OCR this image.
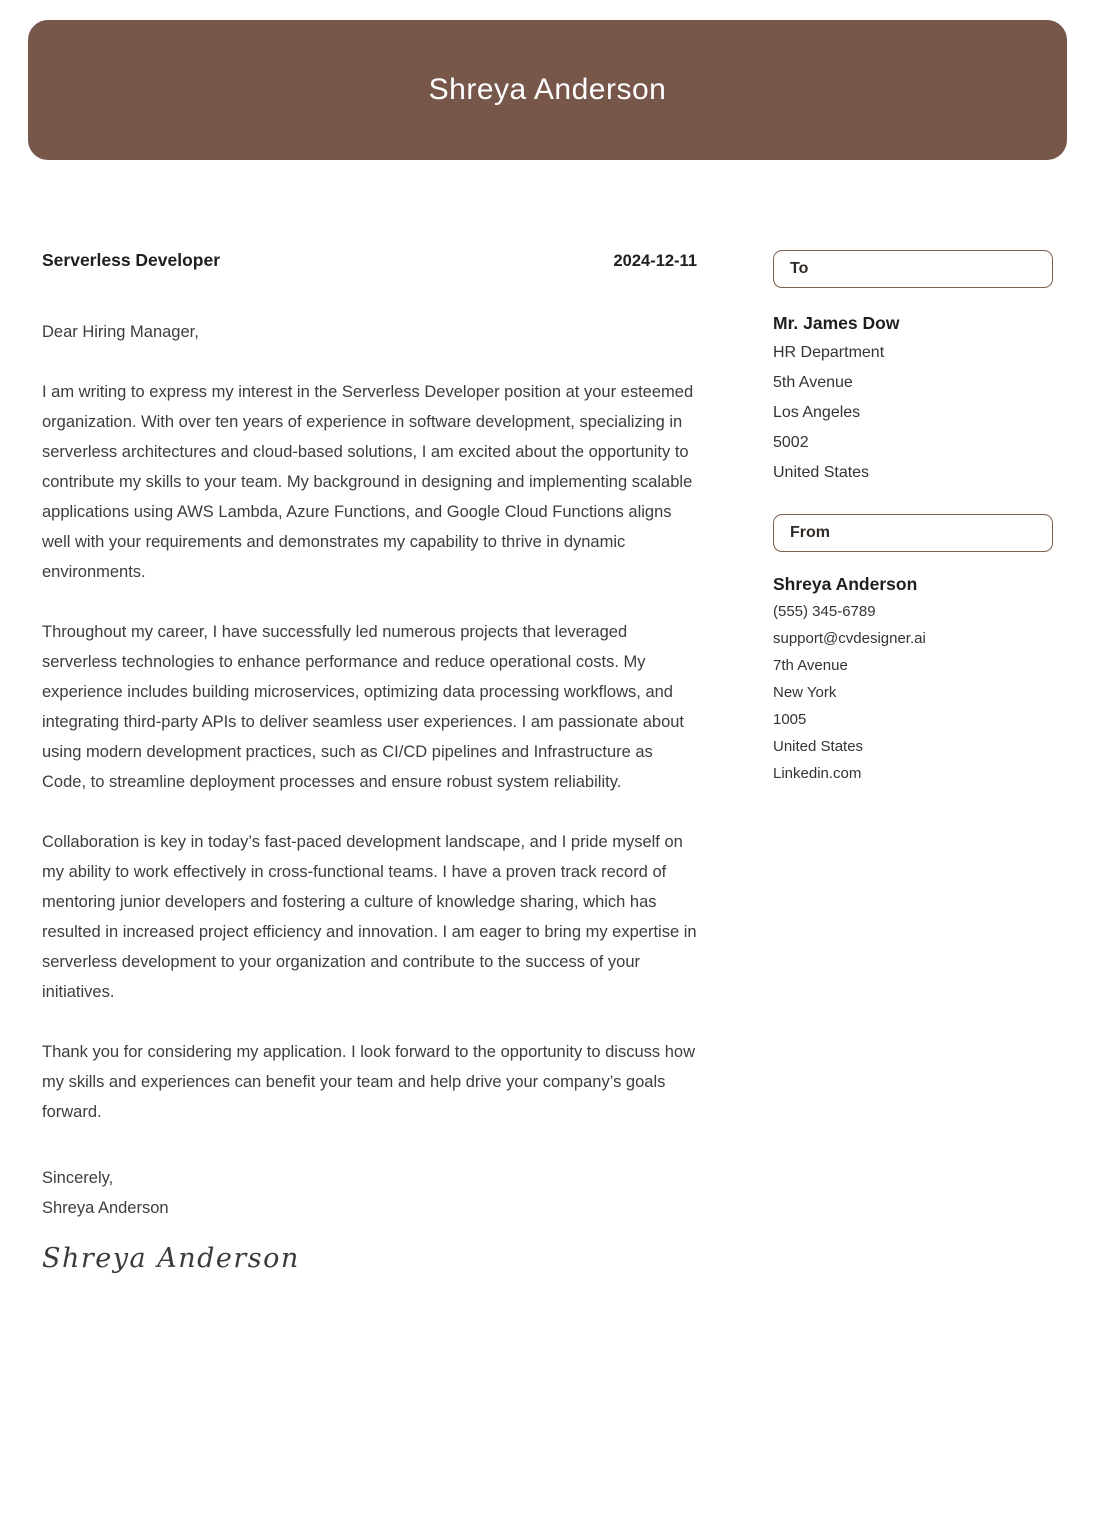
Shreya Anderson
Serverless Developer	2024-12-11
Dear Hiring Manager,

I am writing to express my interest in the Serverless Developer position at your esteemed organization. With over ten years of experience in software development, specializing in serverless architectures and cloud-based solutions, I am excited about the opportunity to contribute my skills to your team. My background in designing and implementing scalable applications using AWS Lambda, Azure Functions, and Google Cloud Functions aligns well with your requirements and demonstrates my capability to thrive in dynamic environments.

Throughout my career, I have successfully led numerous projects that leveraged serverless technologies to enhance performance and reduce operational costs. My experience includes building microservices, optimizing data processing workflows, and integrating third-party APIs to deliver seamless user experiences. I am passionate about using modern development practices, such as CI/CD pipelines and Infrastructure as Code, to streamline deployment processes and ensure robust system reliability.

Collaboration is key in today’s fast-paced development landscape, and I pride myself on my ability to work effectively in cross-functional teams. I have a proven track record of mentoring junior developers and fostering a culture of knowledge sharing, which has resulted in increased project efficiency and innovation. I am eager to bring my expertise in serverless development to your organization and contribute to the success of your initiatives.

Thank you for considering my application. I look forward to the opportunity to discuss how my skills and experiences can benefit your team and help drive your company’s goals forward.

Sincerely,
Shreya Anderson
Shreya Anderson
To
Mr. James Dow
HR Department
5th Avenue
Los Angeles
5002
United States
From
Shreya Anderson
(555) 345-6789
support@cvdesigner.ai
7th Avenue
New York
1005
United States
Linkedin.com
